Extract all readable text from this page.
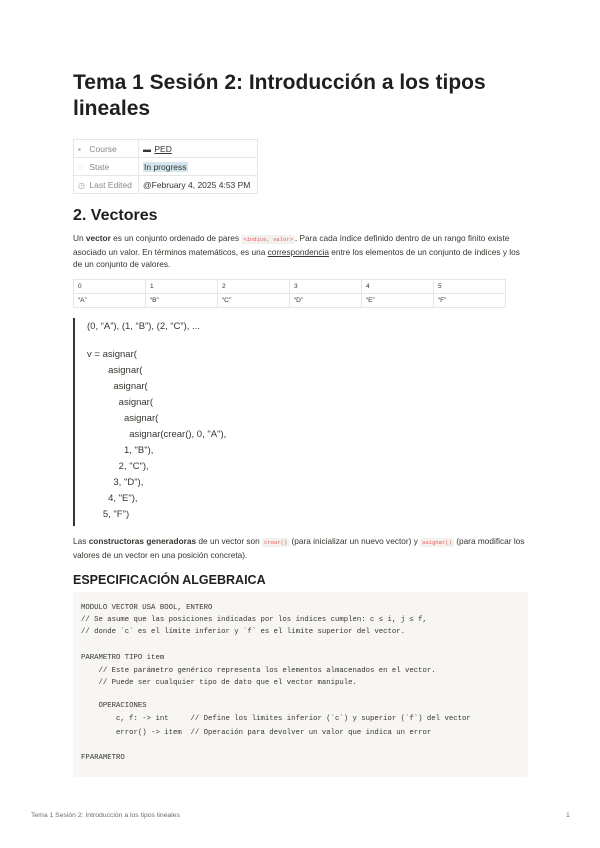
Tema 1 Sesión 2: Introducción a los tipos lineales
▪ Course	▬ PED
◌ State	In progress
◷ Last Edited	@February 4, 2025 4:53 PM
2. Vectores

Un vector es un conjunto ordenado de pares <índice, valor> . Para cada índice definido dentro de un rango finito existe asociado un valor. En términos matemáticos, es una correspondencia entre los elementos de un conjunto de índices y los de un conjunto de valores.

0	1	2	3	4	5
“A”	“B”	“C”	“D”	“E”	“F”
(0, “A”), (1, “B”), (2, “C”), ...
v = asignar(
asignar(
asignar(
asignar(
asignar(
asignar(crear(), 0, "A"),
1, "B"),
2, "C"),
3, "D"),
4, "E"),
5, "F")

Las constructoras generadoras de un vector son crear() (para inicializar un nuevo vector) y asignar() (para modificar los valores de un vector en una posición concreta).

ESPECIFICACIÓN ALGEBRAICA
MODULO VECTOR USA BOOL, ENTERO
// Se asume que las posiciones indicadas por los índices cumplen: c ≤ i, j ≤ f,
// donde `c` es el límite inferior y `f` es el límite superior del vector.
PARAMETRO TIPO item
// Este parámetro genérico representa los elementos almacenados en el vector.
// Puede ser cualquier tipo de dato que el vector manipule.
OPERACIONES
c, f: -> int     // Define los límites inferior (`c`) y superior (`f`) del vector
error() -> item  // Operación para devolver un valor que indica un error
FPARAMETRO
Tema 1 Sesión 2: Introducción a los tipos lineales	1
